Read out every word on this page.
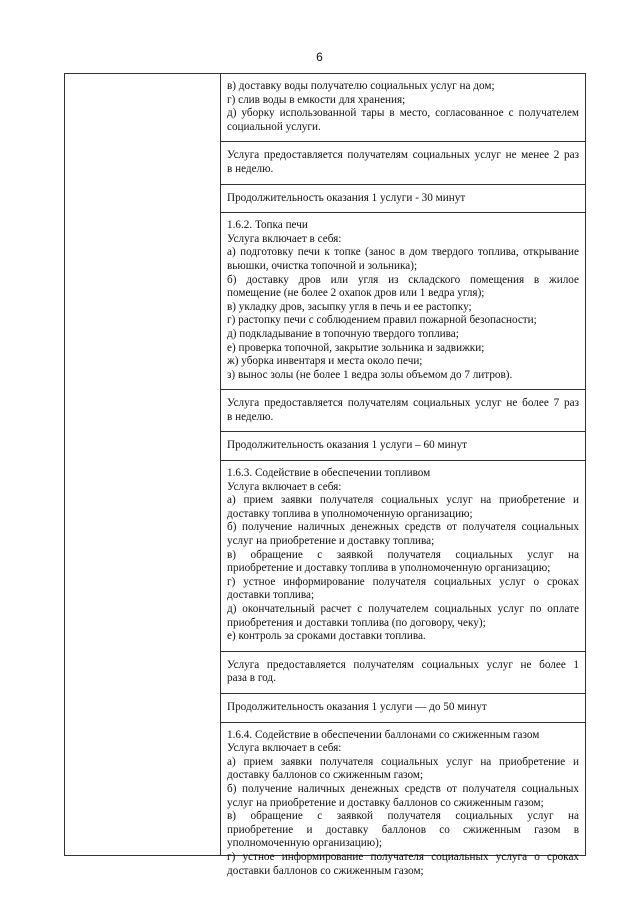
6
в) доставку воды получателю социальных услуг на дом;
г) слив воды в емкости для хранения;
д) уборку использованной тары в место, согласованное с получателем
социальной услуги.
Услуга предоставляется получателям социальных услуг не менее 2 раз
в неделю.
Продолжительность оказания 1 услуги - 30 минут
1.6.2. Топка печи
Услуга включает в себя:
а) подготовку печи к топке (занос в дом твердого топлива, открывание
вьюшки, очистка топочной и зольника);
б) доставку дров или угля из складского помещения в жилое
помещение (не более 2 охапок дров или 1 ведра угля);
в) укладку дров, засыпку угля в печь и ее растопку;
г) растопку печи с соблюдением правил пожарной безопасности;
д) подкладывание в топочную твердого топлива;
е) проверка топочной, закрытие зольника и задвижки;
ж) уборка инвентаря и места около печи;
з) вынос золы (не более 1 ведра золы объемом до 7 литров).
Услуга предоставляется получателям социальных услуг не более 7 раз
в неделю.
Продолжительность оказания 1 услуги – 60 минут
1.6.3. Содействие в обеспечении топливом
Услуга включает в себя:
а) прием заявки получателя социальных услуг на приобретение и
доставку топлива в уполномоченную организацию;
б) получение наличных денежных средств от получателя социальных
услуг на приобретение и доставку топлива;
в) обращение с заявкой получателя социальных услуг на
приобретение и доставку топлива в уполномоченную организацию;
г) устное информирование получателя социальных услуг о сроках
доставки топлива;
д) окончательный расчет с получателем социальных услуг по оплате
приобретения и доставки топлива (по договору, чеку);
е) контроль за сроками доставки топлива.
Услуга предоставляется получателям социальных услуг не более 1
раза в год.
Продолжительность оказания 1 услуги — до 50 минут
1.6.4. Содействие в обеспечении баллонами со сжиженным газом
Услуга включает в себя:
а) прием заявки получателя социальных услуг на приобретение и
доставку баллонов со сжиженным газом;
б) получение наличных денежных средств от получателя социальных
услуг на приобретение и доставку баллонов со сжиженным газом;
в) обращение с заявкой получателя социальных услуг на
приобретение и доставку баллонов со сжиженным газом в
уполномоченную организацию);
г) устное информирование получателя социальных услуга о сроках
доставки баллонов со сжиженным газом;
